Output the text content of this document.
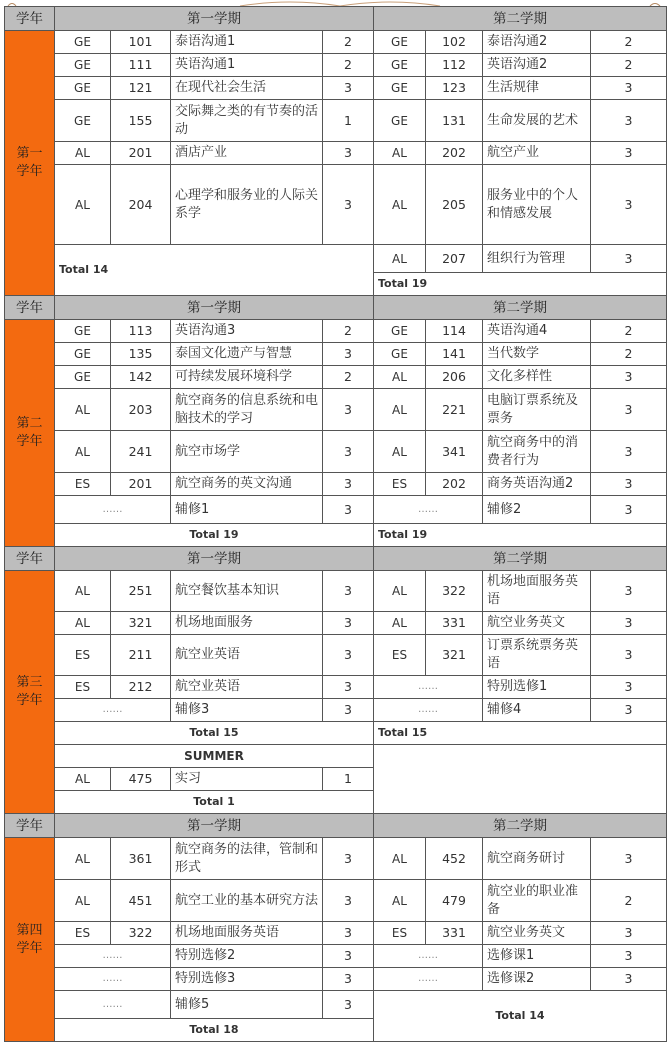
学年	第一学期				第二学期			

第一
学年	GE	101	泰语沟通1	2	GE	102	泰语沟通2	2
	GE	111	英语沟通1	2	GE	112	英语沟通2	2
	GE	121	在现代社会生活	3	GE	123	生活规律	3
	GE	155	交际舞之类的有节奏的活动	1	GE	131	生命发展的艺术	3
	AL	201	酒店产业	3	AL	202	航空产业	3
	AL	204	心理学和服务业的人际关系学	3	AL	205	服务业中的个人和情感发展	3
	Total 14				AL	207	组织行为管理	3
					Total 19			
学年	第一学期				第二学期			

第二
学年	GE	113	英语沟通3	2	GE	114	英语沟通4	2
	GE	135	泰国文化遗产与智慧	3	GE	141	当代数学	2
	GE	142	可持续发展环境科学	2	AL	206	文化多样性	3
	AL	203	航空商务的信息系统和电脑技术的学习	3	AL	221	电脑订票系统及票务	3
	AL	241	航空市场学	3	AL	341	航空商务中的消费者行为	3
	ES	201	航空商务的英文沟通	3	ES	202	商务英语沟通2	3
	……		辅修1	3	……		辅修2	3
	Total 19				Total 19			
学年	第一学期				第二学期			

第三
学年	AL	251	航空餐饮基本知识	3	AL	322	机场地面服务英语	3
	AL	321	机场地面服务	3	AL	331	航空业务英文	3
	ES	211	航空业英语	3	ES	321	订票系统票务英语	3
	ES	212	航空业英语	3	……		特别选修1	3
	……		辅修3	3	……		辅修4	3
	Total 15				Total 15			
	SUMMER							
	AL	475	实习	1				
	Total 1							
学年	第一学期				第二学期			

第四
学年	AL	361	航空商务的法律，管制和形式	3	AL	452	航空商务研讨	3
	AL	451	航空工业的基本研究方法	3	AL	479	航空业的职业准备	2
	ES	322	机场地面服务英语	3	ES	331	航空业务英文	3
	……		特别选修2	3	……		选修课1	3
	……		特别选修3	3	……		选修课2	3
	……		辅修5	3	Total 14			
	Total 18							
